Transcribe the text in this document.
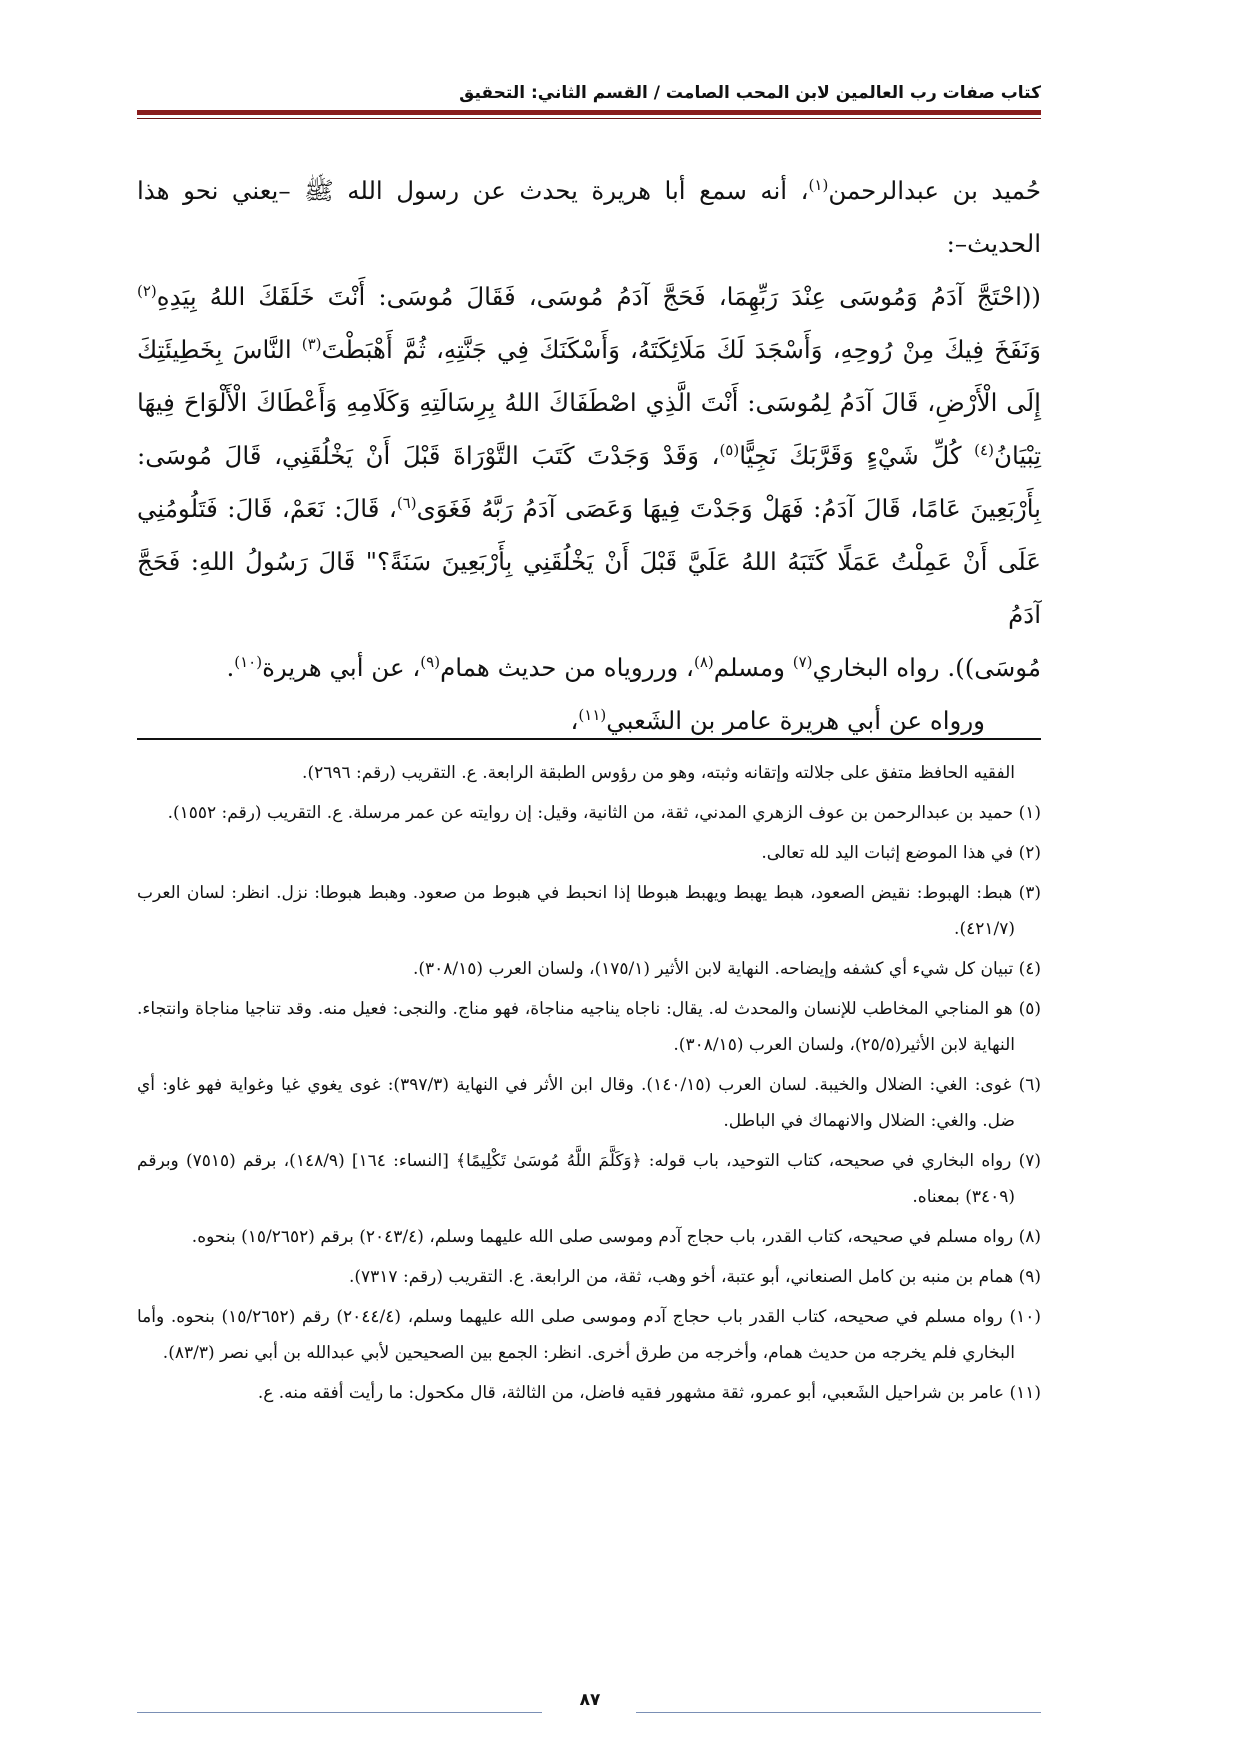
كتاب صفات رب العالمين لابن المحب الصامت / القسم الثاني: التحقيق

حُميد بن عبدالرحمن$^{(١)}$، أنه سمع أبا هريرة يحدث عن رسول الله ﷺ –يعني نحو هذا الحديث–:

((احْتَجَّ آدَمُ وَمُوسَى عِنْدَ رَبِّهِمَا، فَحَجَّ آدَمُ مُوسَى، فَقَالَ مُوسَى: أَنْتَ خَلَقَكَ اللهُ بِيَدِهِ$^{(٢)}$

وَنَفَخَ فِيكَ مِنْ رُوحِهِ، وَأَسْجَدَ لَكَ مَلَائِكَتَهُ، وَأَسْكَنَكَ فِي جَنَّتِهِ، ثُمَّ أَهْبَطْتَ$^{(٣)}$ النَّاسَ بِخَطِيئَتِكَ

إِلَى الْأَرْضِ، قَالَ آدَمُ لِمُوسَى: أَنْتَ الَّذِي اصْطَفَاكَ اللهُ بِرِسَالَتِهِ وَكَلَامِهِ وَأَعْطَاكَ الْأَلْوَاحَ فِيهَا

تِبْيَانُ$^{(٤)}$ كُلِّ شَيْءٍ وَقَرَّبَكَ نَجِيًّا$^{(٥)}$، وَقَدْ وَجَدْتَ كَتَبَ التَّوْرَاةَ قَبْلَ أَنْ يَخْلُقَنِي، قَالَ مُوسَى:

بِأَرْبَعِينَ عَامًا، قَالَ آدَمُ: فَهَلْ وَجَدْتَ فِيهَا وَعَصَى آدَمُ رَبَّهُ فَغَوَى$^{(٦)}$، قَالَ: نَعَمْ، قَالَ: فَتَلُومُنِي

عَلَى أَنْ عَمِلْتُ عَمَلًا كَتَبَهُ اللهُ عَلَيَّ قَبْلَ أَنْ يَخْلُقَنِي بِأَرْبَعِينَ سَنَةً؟" قَالَ رَسُولُ اللهِ: فَحَجَّ آدَمُ

مُوسَى)). رواه البخاري$^{(٧)}$ ومسلم$^{(٨)}$، ورروياه من حديث همام$^{(٩)}$، عن أبي هريرة$^{(١٠)}$.

ورواه عن أبي هريرة عامر بن الشَعبي$^{(١١)}$،

الفقيه الحافظ متفق على جلالته وإتقانه وثبته، وهو من رؤوس الطبقة الرابعة. ع. التقريب (رقم: ٢٦٩٦).

(١) حميد بن عبدالرحمن بن عوف الزهري المدني، ثقة، من الثانية، وقيل: إن روايته عن عمر مرسلة. ع. التقريب (رقم: ١٥٥٢).

(٢) في هذا الموضع إثبات اليد لله تعالى.

(٣) هبط: الهبوط: نقيض الصعود، هبط يهبط ويهبط هبوطا إذا انحبط في هبوط من صعود. وهبط هبوطا: نزل. انظر: لسان العرب (٤٢١/٧).

(٤) تبيان كل شيء أي كشفه وإيضاحه. النهاية لابن الأثير (١٧٥/١)، ولسان العرب (٣٠٨/١٥).

(٥) هو المناجي المخاطب للإنسان والمحدث له. يقال: ناجاه يناجيه مناجاة، فهو مناج. والنجى: فعيل منه. وقد تناجيا مناجاة وانتجاء. النهاية لابن الأثير(٢٥/٥)، ولسان العرب (٣٠٨/١٥).

(٦) غوى: الغي: الضلال والخيبة. لسان العرب (١٤٠/١٥). وقال ابن الأثر في النهاية (٣٩٧/٣): غوى يغوي غيا وغواية فهو غاو: أي ضل. والغي: الضلال والانهماك في الباطل.

(٧) رواه البخاري في صحيحه، كتاب التوحيد، باب قوله: ﴿وَكَلَّمَ اللَّهُ مُوسَىٰ تَكْلِيمًا﴾ [النساء: ١٦٤] (١٤٨/٩)، برقم (٧٥١٥) وبرقم (٣٤٠٩) بمعناه.

(٨) رواه مسلم في صحيحه، كتاب القدر، باب حجاج آدم وموسى صلى الله عليهما وسلم، (٢٠٤٣/٤) برقم (١٥/٢٦٥٢) بنحوه.

(٩) همام بن منبه بن كامل الصنعاني، أبو عتبة، أخو وهب، ثقة، من الرابعة. ع. التقريب (رقم: ٧٣١٧).

(١٠) رواه مسلم في صحيحه، كتاب القدر باب حجاج آدم وموسى صلى الله عليهما وسلم، (٢٠٤٤/٤) رقم (١٥/٢٦٥٢) بنحوه. وأما البخاري فلم يخرجه من حديث همام، وأخرجه من طرق أخرى. انظر: الجمع بين الصحيحين لأبي عبدالله بن أبي نصر (٨٣/٣).

(١١) عامر بن شراحيل الشَعبي، أبو عمرو، ثقة مشهور فقيه فاضل، من الثالثة، قال مكحول: ما رأيت أفقه منه. ع.

٨٧
